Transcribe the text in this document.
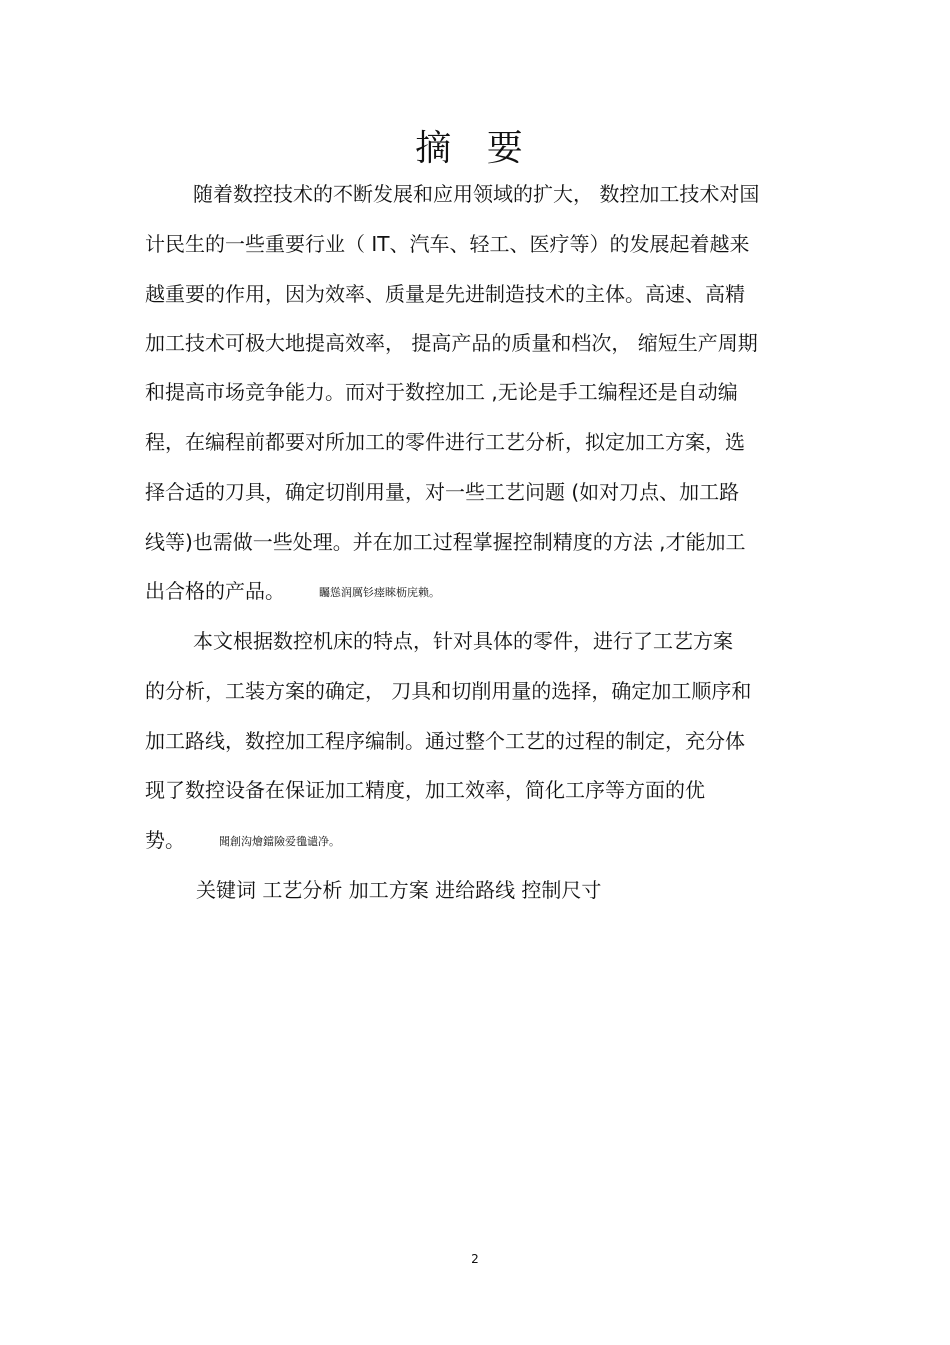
摘 要
随着数控技术的不断发展和应用领域的扩大， 数控加工技术对国
计民生的一些重要行业（ IT、汽车、轻工、医疗等）的发展起着越来
越重要的作用，因为效率、质量是先进制造技术的主体。高速、高精
加工技术可极大地提高效率， 提高产品的质量和档次， 缩短生产周期
和提高市场竞争能力。而对于数控加工 ,无论是手工编程还是自动编
程，在编程前都要对所加工的零件进行工艺分析，拟定加工方案，选
择合适的刀具，确定切削用量，对一些工艺问题 (如对刀点、加工路
线等)也需做一些处理。并在加工过程掌握控制精度的方法 ,才能加工
出合格的产品。	矚慫润厲钐瘗睞枥庑赖。
本文根据数控机床的特点，针对具体的零件，进行了工艺方案
的分析，工装方案的确定， 刀具和切削用量的选择，确定加工顺序和
加工路线，数控加工程序编制。通过整个工艺的过程的制定，充分体
现了数控设备在保证加工精度，加工效率，简化工序等方面的优
势。	聞創沟燴鐺險爱氇谴净。
关键词 工艺分析 加工方案 进给路线 控制尺寸
2
